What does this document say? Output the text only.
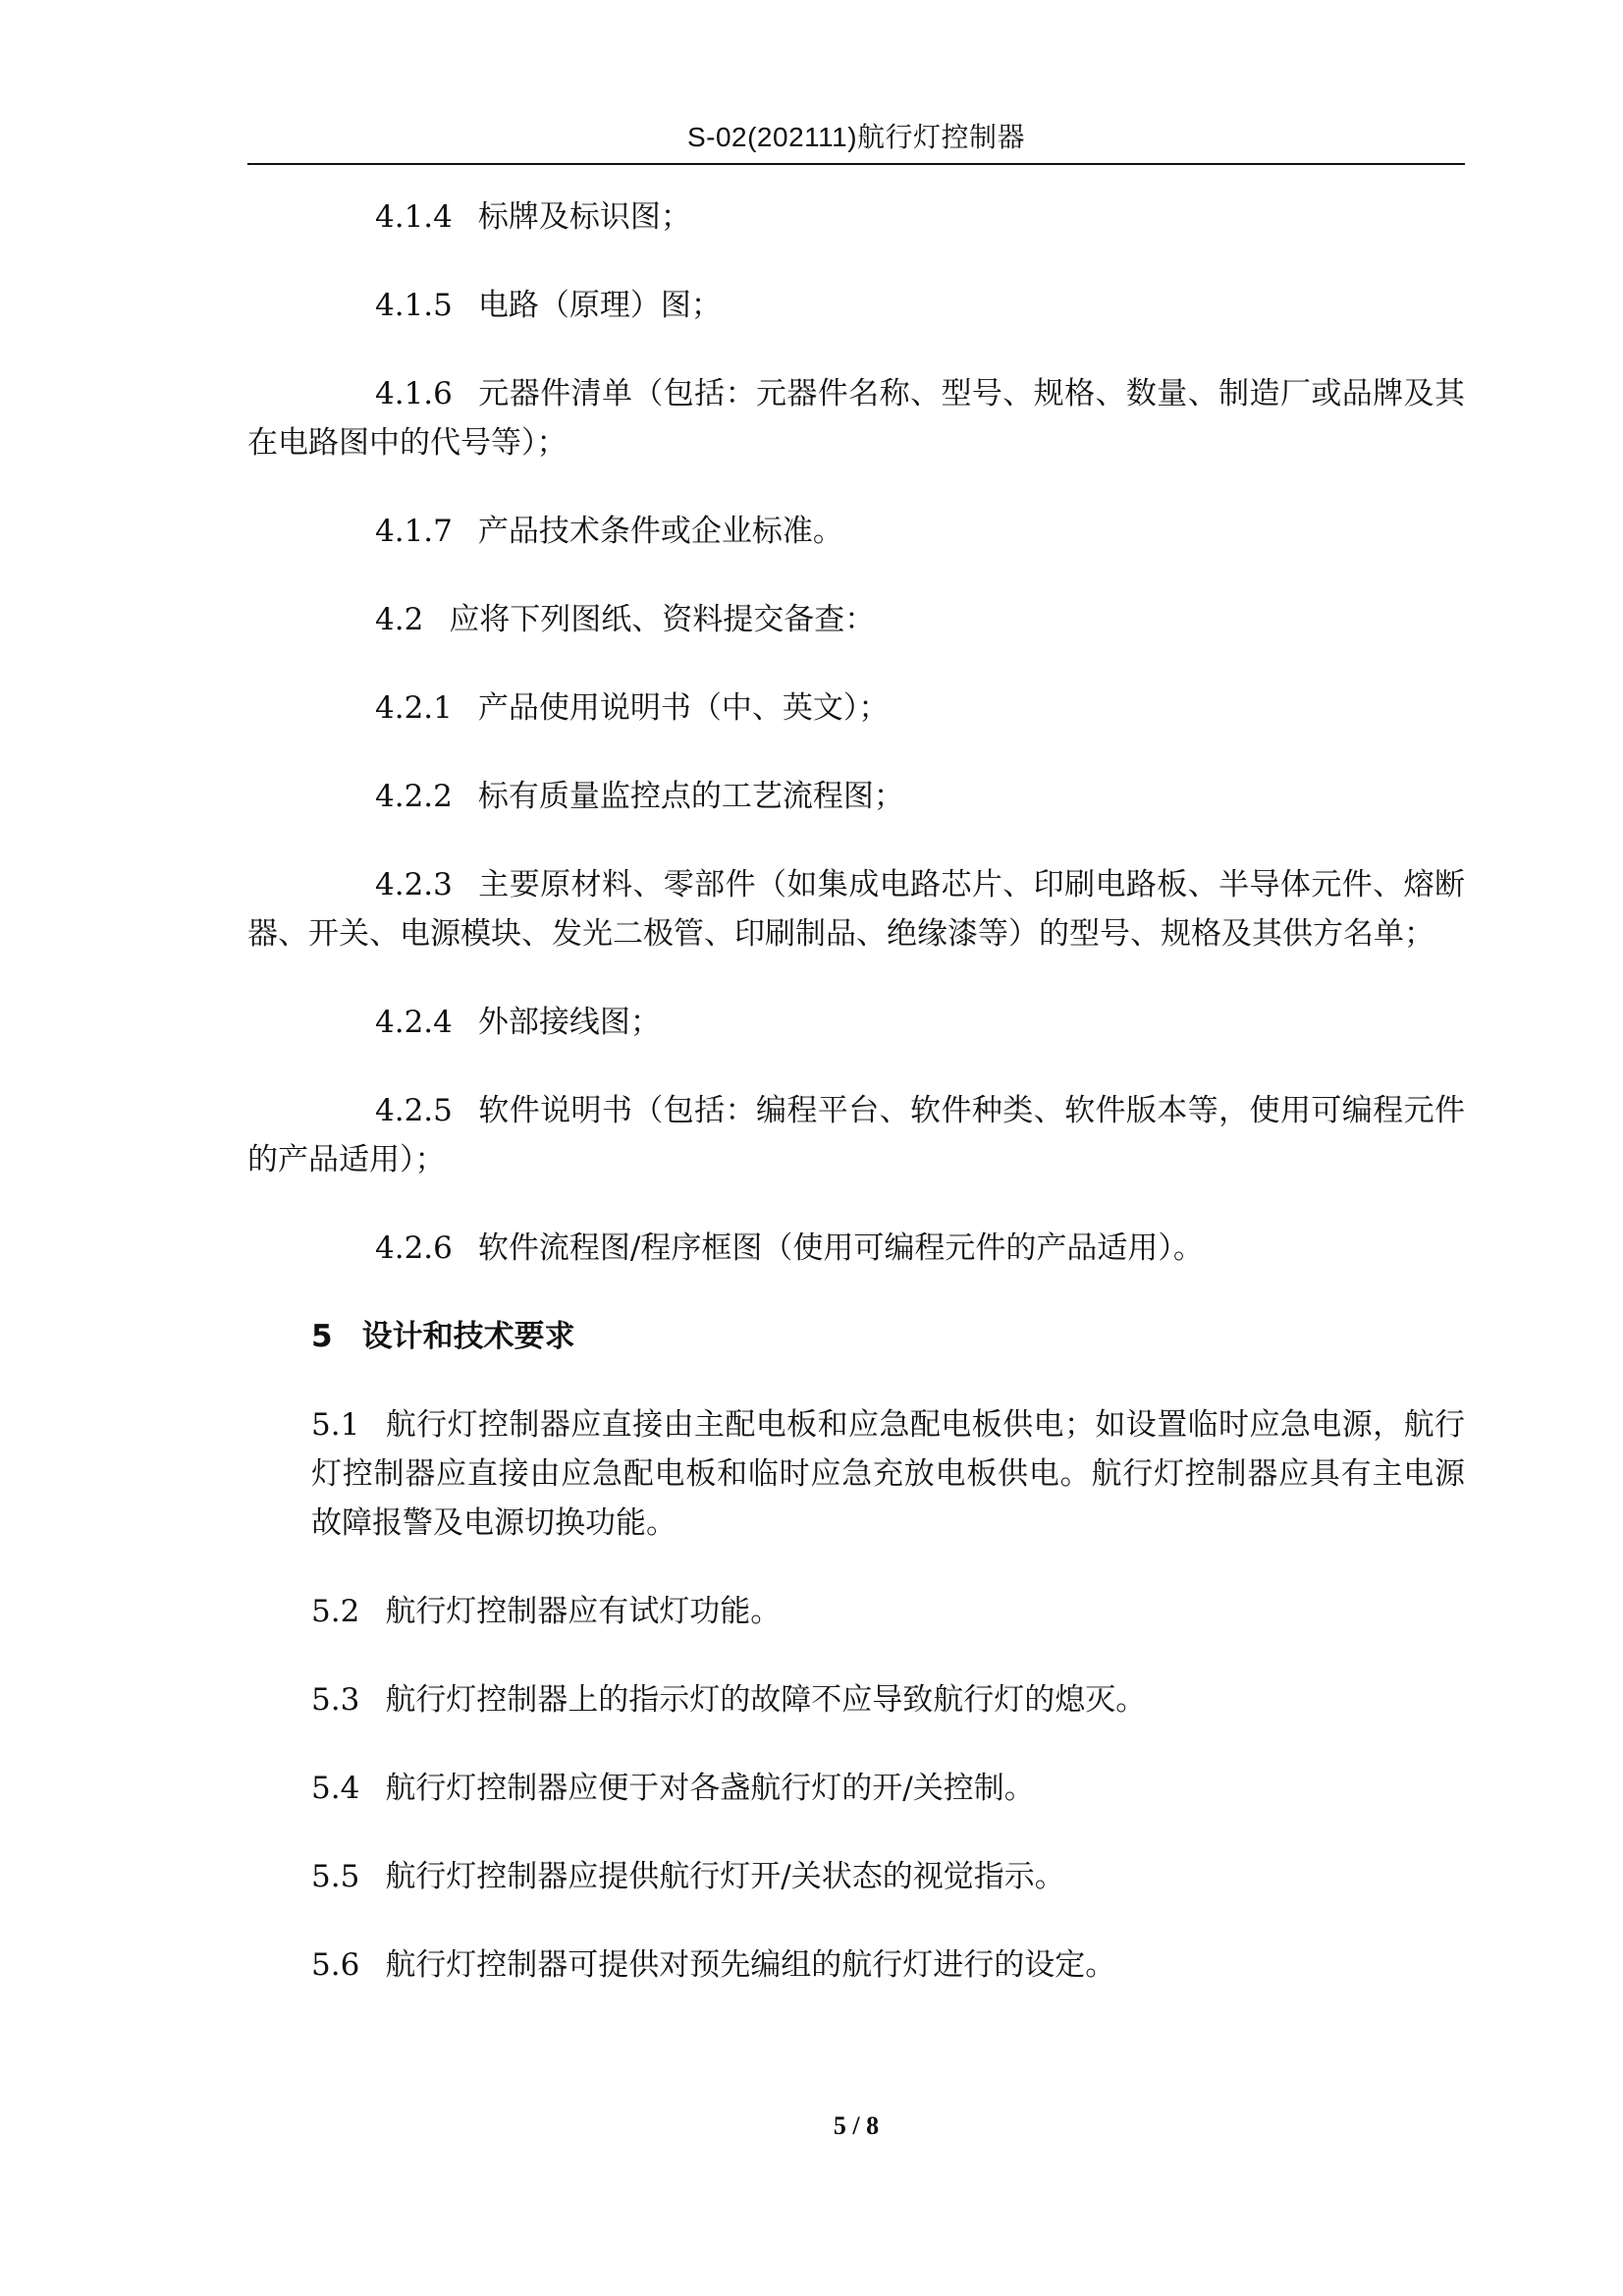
S-02(202111)航行灯控制器

4.1.4 标牌及标识图；

4.1.5 电路（原理）图；

4.1.6 元器件清单（包括：元器件名称、型号、规格、数量、制造厂或品牌及其在电路图中的代号等）；

4.1.7 产品技术条件或企业标准。

4.2 应将下列图纸、资料提交备查：

4.2.1 产品使用说明书（中、英文）；

4.2.2 标有质量监控点的工艺流程图；

4.2.3 主要原材料、零部件（如集成电路芯片、印刷电路板、半导体元件、熔断器、开关、电源模块、发光二极管、印刷制品、绝缘漆等）的型号、规格及其供方名单；

4.2.4 外部接线图；

4.2.5 软件说明书（包括：编程平台、软件种类、软件版本等，使用可编程元件的产品适用）；

4.2.6 软件流程图/程序框图（使用可编程元件的产品适用）。

5 设计和技术要求

5.1 航行灯控制器应直接由主配电板和应急配电板供电；如设置临时应急电源，航行灯控制器应直接由应急配电板和临时应急充放电板供电。航行灯控制器应具有主电源故障报警及电源切换功能。

5.2 航行灯控制器应有试灯功能。

5.3 航行灯控制器上的指示灯的故障不应导致航行灯的熄灭。

5.4 航行灯控制器应便于对各盏航行灯的开/关控制。

5.5 航行灯控制器应提供航行灯开/关状态的视觉指示。

5.6 航行灯控制器可提供对预先编组的航行灯进行的设定。

5 / 8
